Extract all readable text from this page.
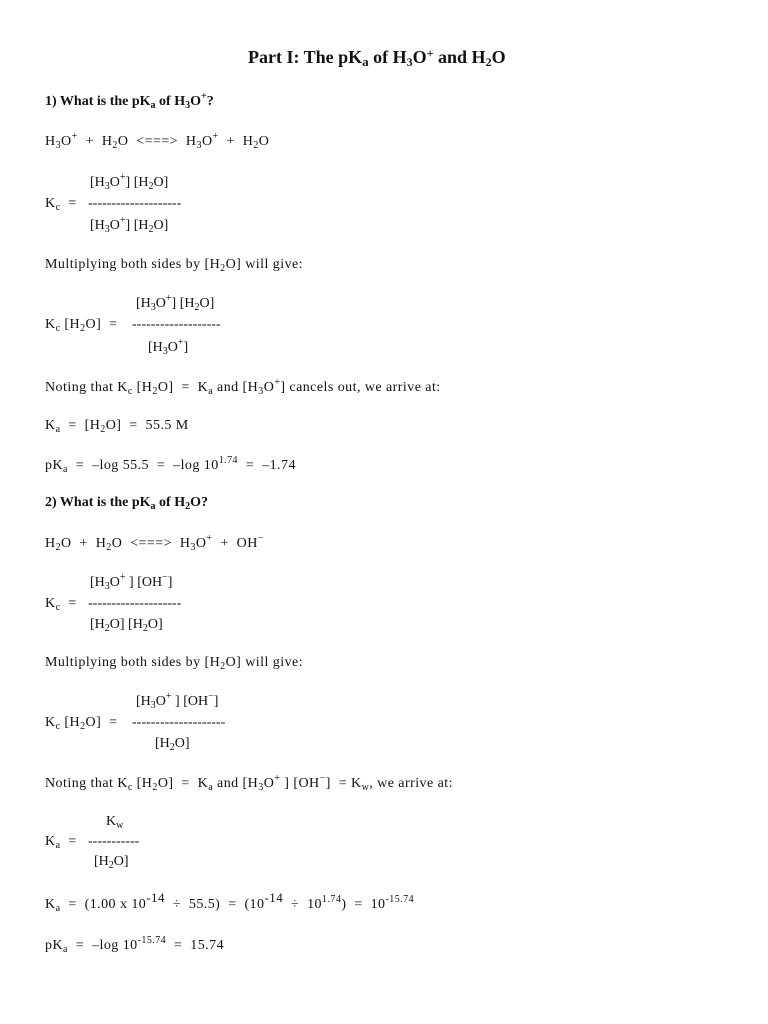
Part I: The $pK_a$ of $H_3O^+$ and $H_2O$
1) What is the $pK_a$ of $H_3O^+$?
$H_3O^+ + H_2O$  <===>  $H_3O^+ + H_2O$
$[H_3O^+]$ $[H_2O]$
$K_c$  = --------------------
$[H_3O^+]$ $[H_2O]$
Multiplying both sides by $[H_2O]$ will give:
$[H_3O^+]$ $[H_2O]$
$K_c$ $[H_2O]$  = -------------------
$[H_3O^+]$
Noting that $K_c$ $[H_2O] = K_a$ and $[H_3O^+]$ cancels out, we arrive at:
$K_a = [H_2O] = 55.5$ M
$pK_a = -\log$ 55.5  =  –log $10^{1.74} = -1.74$
2) What is the $pK_a$ of $H_2O$?
$H_2O + H_2O$  <===>  $H_3O^+ + OH^-$
[$H_3O^+$ ] [OH−]
$K_c$  = --------------------
$[H_2O]$ $[H_2O]$
Multiplying both sides by $[H_2O]$ will give:
[$H_3O^+$ ] [OH−]
$K_c$ $[H_2O]$  = --------------------
$[H_2O]$
Noting that $K_c$ $[H_2O] = K_a$ and [$H_3O^+$ ] $[OH^-] = K_w$, we arrive at:
$K_w$
$K_a$  = -----------
$[H_2O]$
$K_a = (1.00$ x $10^{-14} \div 55.5) = (10^{-14} \div 10^{1.74}) = 10^{-15.74}$
$pK_a = -\log$ $10^{-15.74} = 15.74$
